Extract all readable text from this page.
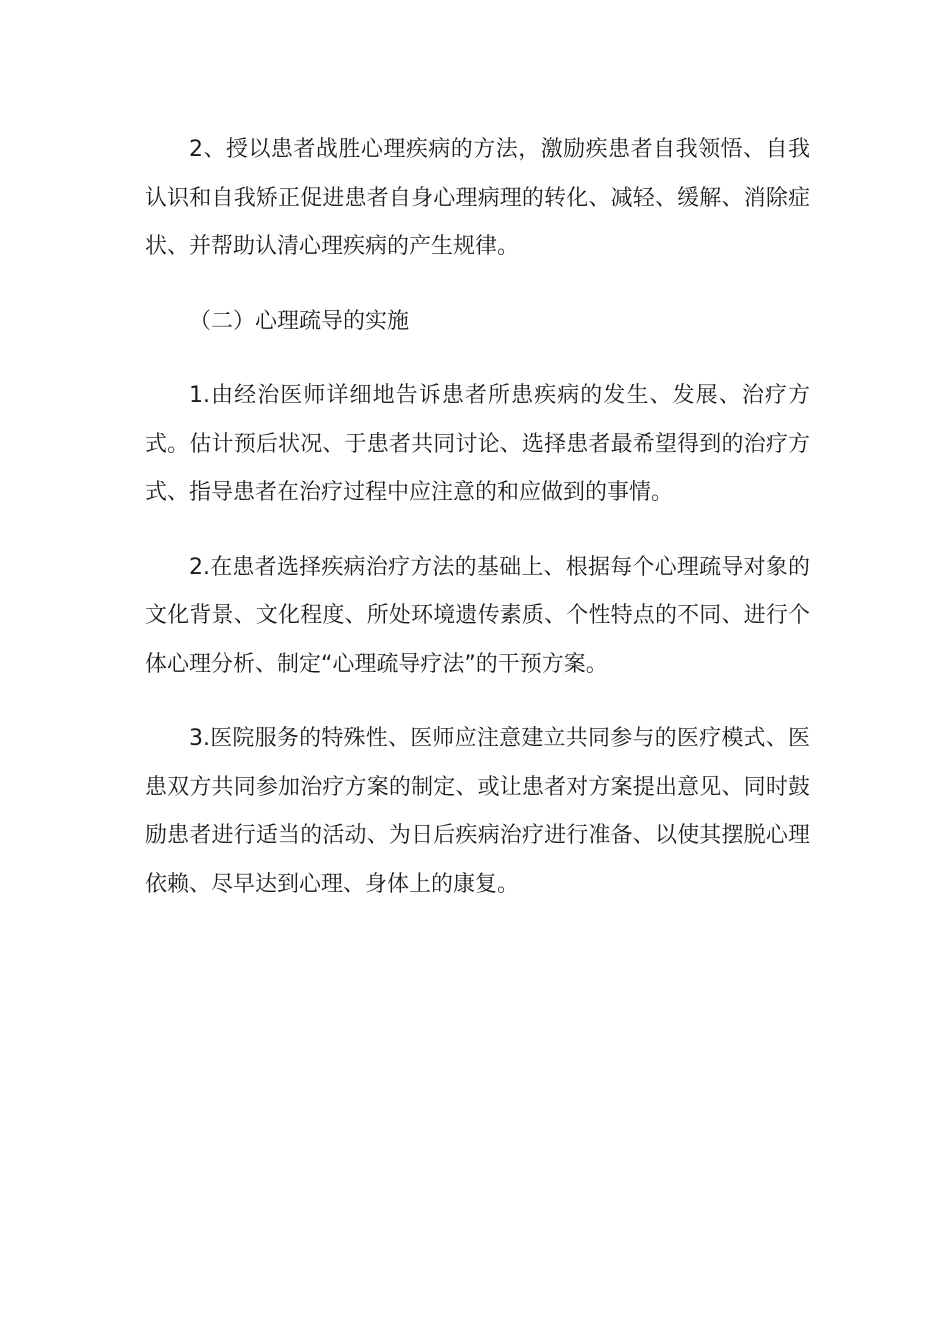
2、授以患者战胜心理疾病的方法，激励疾患者自我领悟、自我认识和自我矫正促进患者自身心理病理的转化、减轻、缓解、消除症状、并帮助认清心理疾病的产生规律。

（二）心理疏导的实施

1.由经治医师详细地告诉患者所患疾病的发生、发展、治疗方式。估计预后状况、于患者共同讨论、选择患者最希望得到的治疗方式、指导患者在治疗过程中应注意的和应做到的事情。

2.在患者选择疾病治疗方法的基础上、根据每个心理疏导对象的文化背景、文化程度、所处环境遗传素质、个性特点的不同、进行个体心理分析、制定“心理疏导疗法”的干预方案。

3.医院服务的特殊性、医师应注意建立共同参与的医疗模式、医患双方共同参加治疗方案的制定、或让患者对方案提出意见、同时鼓励患者进行适当的活动、为日后疾病治疗进行准备、以使其摆脱心理依赖、尽早达到心理、身体上的康复。
